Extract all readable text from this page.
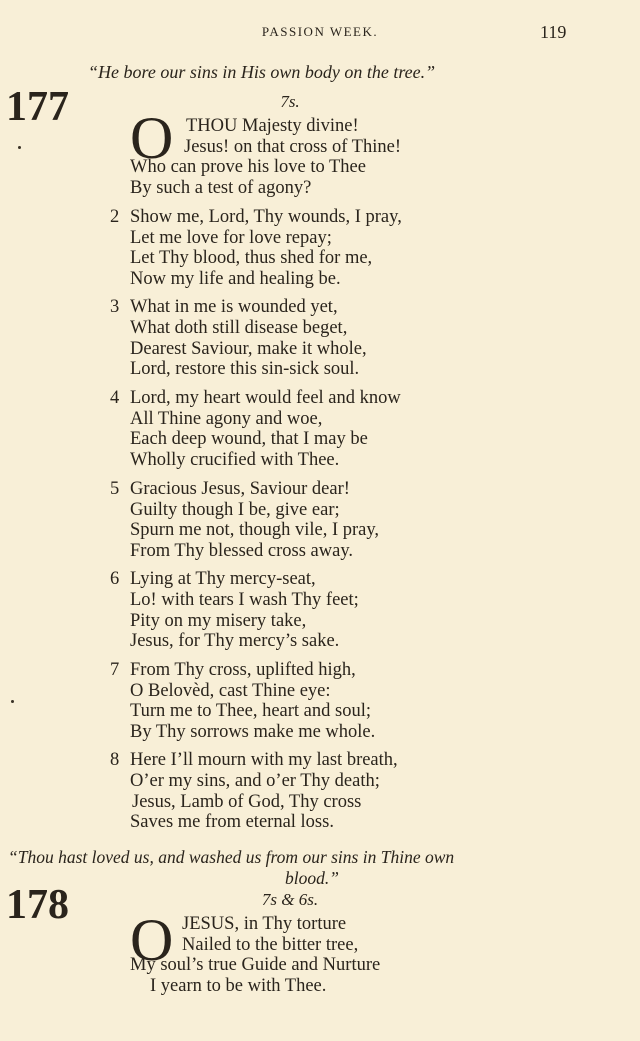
PASSION WEEK.	119
“He bore our sins in His own body on the tree.”
177	7s.
O THOU Majesty divine!
Jesus! on that cross of Thine!
Who can prove his love to Thee
By such a test of agony?
2 Show me, Lord, Thy wounds, I pray,
Let me love for love repay;
Let Thy blood, thus shed for me,
Now my life and healing be.
3 What in me is wounded yet,
What doth still disease beget,
Dearest Saviour, make it whole,
Lord, restore this sin-sick soul.
4 Lord, my heart would feel and know
All Thine agony and woe,
Each deep wound, that I may be
Wholly crucified with Thee.
5 Gracious Jesus, Saviour dear!
Guilty though I be, give ear;
Spurn me not, though vile, I pray,
From Thy blessed cross away.
6 Lying at Thy mercy-seat,
Lo! with tears I wash Thy feet;
Pity on my misery take,
Jesus, for Thy mercy’s sake.
7 From Thy cross, uplifted high,
O Belovèd, cast Thine eye:
Turn me to Thee, heart and soul;
By Thy sorrows make me whole.
8 Here I’ll mourn with my last breath,
O’er my sins, and o’er Thy death;
Jesus, Lamb of God, Thy cross
Saves me from eternal loss.
“Thou hast loved us, and washed us from our sins in Thine own
blood.”
178	7s & 6s.
O JESUS, in Thy torture
Nailed to the bitter tree,
My soul’s true Guide and Nurture
I yearn to be with Thee.
